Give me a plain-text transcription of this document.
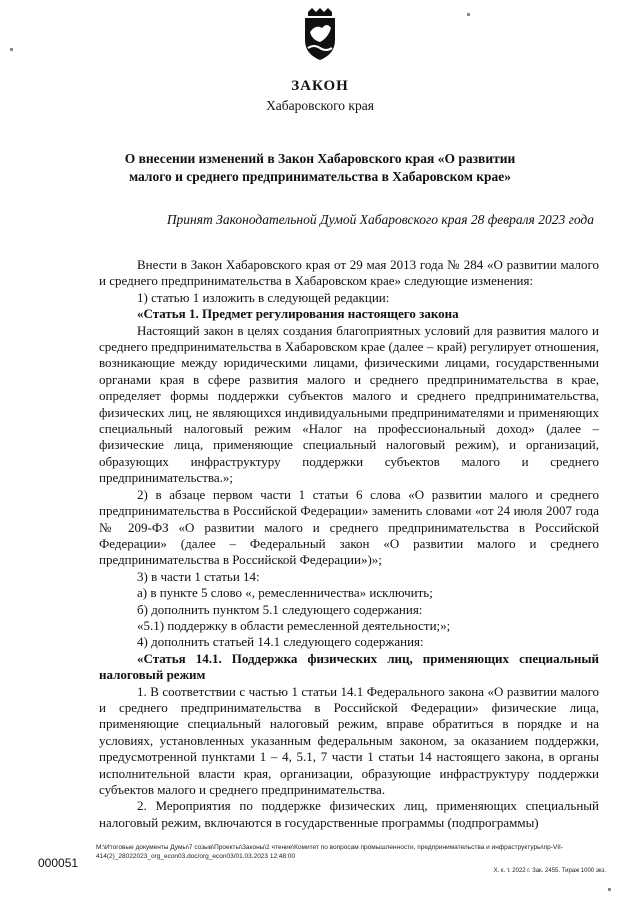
ЗАКОН
Хабаровского края
О внесении изменений в Закон Хабаровского края «О развитии малого и среднего предпринимательства в Хабаровском крае»
Принят Законодательной Думой Хабаровского края 28 февраля 2023 года

Внести в Закон Хабаровского края от 29 мая 2013 года № 284 «О развитии малого и среднего предпринимательства в Хабаровском крае» следующие изменения:

1) статью 1 изложить в следующей редакции:

«Статья 1. Предмет регулирования настоящего закона

Настоящий закон в целях создания благоприятных условий для развития малого и среднего предпринимательства в Хабаровском крае (далее – край) регулирует отношения, возникающие между юридическими лицами, физическими лицами, государственными органами края в сфере развития малого и среднего предпринимательства в крае, определяет формы поддержки субъектов малого и среднего предпринимательства, физических лиц, не являющихся индивидуальными предпринимателями и применяющих специальный налоговый режим «Налог на профессиональный доход» (далее – физические лица, применяющие специальный налоговый режим), и организаций, образующих инфраструктуру поддержки субъектов малого и среднего предпринимательства.»;

2) в абзаце первом части 1 статьи 6 слова «О развитии малого и среднего предпринимательства в Российской Федерации» заменить словами «от 24 июля 2007 года № 209-ФЗ «О развитии малого и среднего предпринимательства в Российской Федерации» (далее – Федеральный закон «О развитии малого и среднего предпринимательства в Российской Федерации»)»;

3) в части 1 статьи 14:

а) в пункте 5 слово «, ремесленничества» исключить;

б) дополнить пунктом 5.1 следующего содержания:

«5.1) поддержку в области ремесленной деятельности;»;

4) дополнить статьей 14.1 следующего содержания:

«Статья 14.1. Поддержка физических лиц, применяющих специальный налоговый режим

1. В соответствии с частью 1 статьи 14.1 Федерального закона «О развитии малого и среднего предпринимательства в Российской Федерации» физические лица, применяющие специальный налоговый режим, вправе обратиться в порядке и на условиях, установленных указанным федеральным законом, за оказанием поддержки, предусмотренной пунктами 1 – 4, 5.1, 7 части 1 статьи 14 настоящего закона, в органы исполнительной власти края, организации, образующие инфраструктуру поддержки субъектов малого и среднего предпринимательства.

2. Мероприятия по поддержке физических лиц, применяющих специальный налоговый режим, включаются в государственные программы (подпрограммы)

000051
M:\Итоговые документы Думы\7 созыв\Проекты\Законы\2 чтение\Комитет по вопросам промышленности, предпринимательства и инфраструктуры\пр-VII-414(2)_28022023_org_econ03.doc/org_econ03/01.03.2023 12:48:00
Х. к. т. 2022 г. Зак. 2455. Тираж 1000 экз.
